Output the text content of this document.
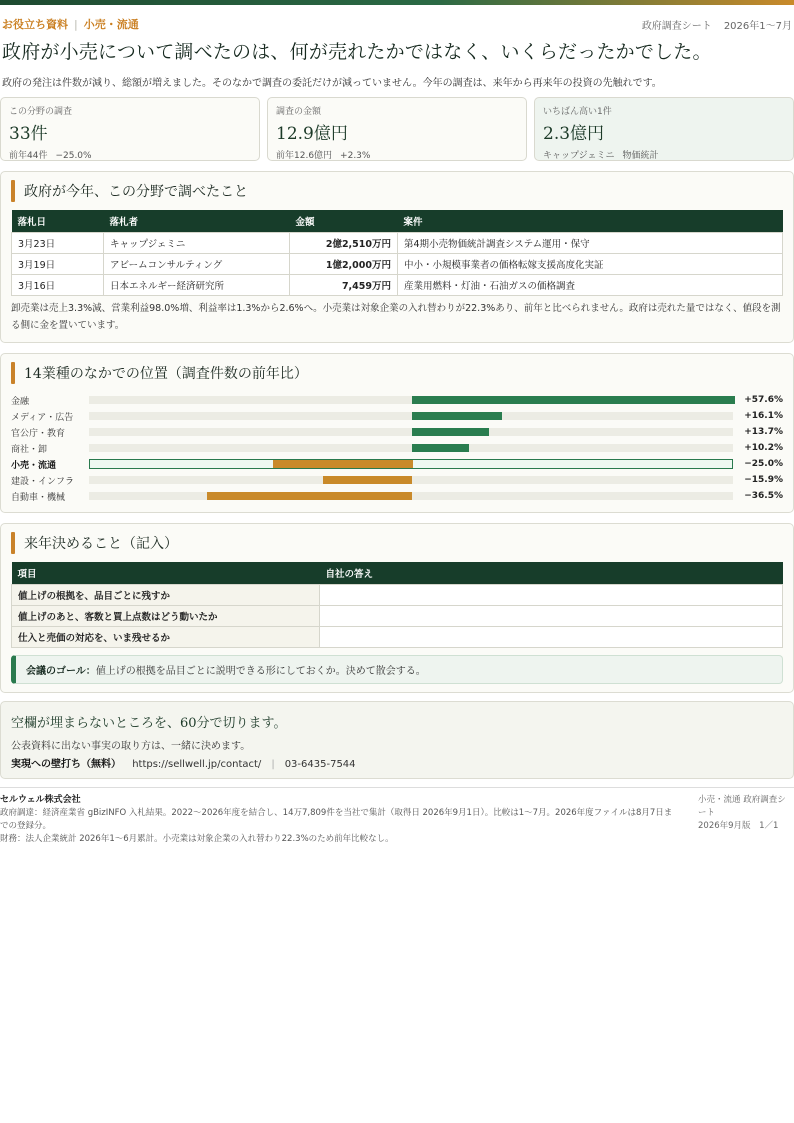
お役立ち資料 | 小売・流通	政府調査シート 2026年1〜7月
政府が小売について調べたのは、何が売れたかではなく、いくらだったかでした。

政府の発注は件数が減り、総額が増えました。そのなかで調査の委託だけが減っていません。今年の調査は、来年から再来年の投資の先触れです。

この分野の調査
33件
前年44件 −25.0%
調査の金額
12.9億円
前年12.6億円 +2.3%
いちばん高い1件
2.3億円
キャップジェミニ 物価統計
政府が今年、この分野で調べたこと
落札日	落札者	金額	案件
3月23日	キャップジェミニ	2億2,510万円	第4期小売物価統計調査システム運用・保守
3月19日	アビームコンサルティング	1億2,000万円	中小・小規模事業者の価格転嫁支援高度化実証
3月16日	日本エネルギー経済研究所	7,459万円	産業用燃料・灯油・石油ガスの価格調査

卸売業は売上3.3%減、営業利益98.0%増、利益率は1.3%から2.6%へ。小売業は対象企業の入れ替わりが22.3%あり、前年と比べられません。政府は売れた量ではなく、値段を測る側に金を置いています。

14業種のなかでの位置（調査件数の前年比）
金融	+57.6%
メディア・広告	+16.1%
官公庁・教育	+13.7%
商社・卸	+10.2%
小売・流通	−25.0%
建設・インフラ	−15.9%
自動車・機械	−36.5%
来年決めること（記入）
項目	自社の答え
値上げの根拠を、品目ごとに残すか	
値上げのあと、客数と買上点数はどう動いたか	
仕入と売価の対応を、いま残せるか	
会議のゴール：値上げの根拠を品目ごとに説明できる形にしておくか。決めて散会する。
空欄が埋まらないところを、60分で切ります。
公表資料に出ない事実の取り方は、一緒に決めます。
実現への壁打ち（無料） https://sellwell.jp/contact/ | 03-6435-7544
セルウェル株式会社
政府調達：経済産業省 gBizINFO 入札結果。2022〜2026年度を結合し、14万7,809件を当社で集計（取得日 2026年9月1日）。比較は1〜7月。2026年度ファイルは8月7日までの登録分。
財務：法人企業統計 2026年1〜6月累計。小売業は対象企業の入れ替わり22.3%のため前年比較なし。
小売・流通 政府調査シート
2026年9月版　 1／1
